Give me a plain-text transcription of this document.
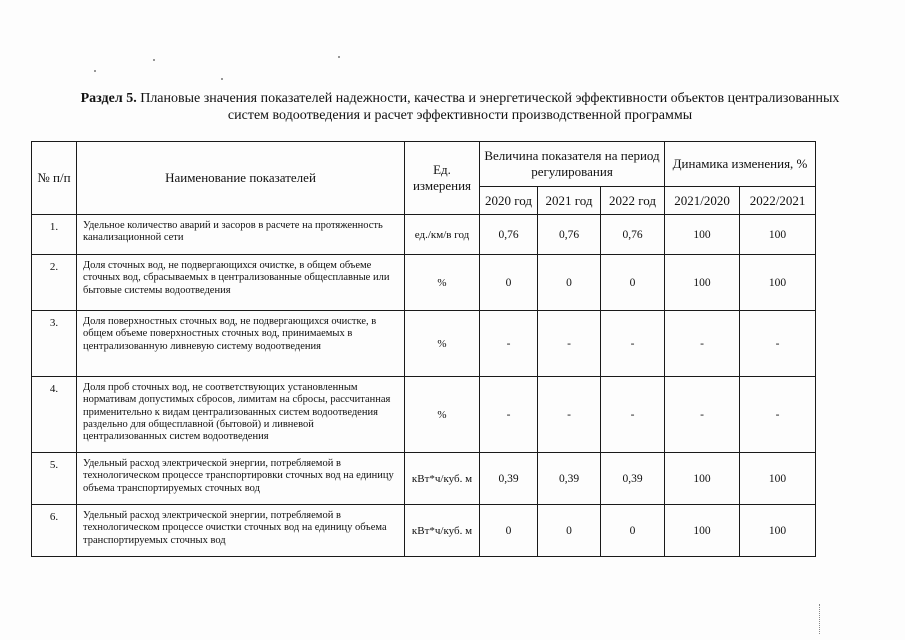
Раздел 5. Плановые значения показателей надежности, качества и энергетической эффективности объектов централизованных систем водоотведения и расчет эффективности производственной программы
№ п/п	Наименование показателей	Ед. измерения	Величина показателя на период регулирования			Динамика изменения, %	
			2020 год	2021 год	2022 год	2021/2020	2022/2021
1.	Удельное количество аварий и засоров в расчете на протяженность канализационной сети	ед./км/в год	0,76	0,76	0,76	100	100
2.	Доля сточных вод, не подвергающихся очистке, в общем объеме сточных вод, сбрасываемых в централизованные общесплавные или бытовые системы водоотведения	%	0	0	0	100	100
3.	Доля поверхностных сточных вод, не подвергающихся очистке, в общем объеме поверхностных сточных вод, принимаемых в централизованную ливневую систему водоотведения	%	-	-	-	-	-
4.	Доля проб сточных вод, не соответствующих установленным нормативам допустимых сбросов, лимитам на сбросы, рассчитанная применительно к видам централизованных систем водоотведения раздельно для общесплавной (бытовой) и ливневой централизованных систем водоотведения	%	-	-	-	-	-
5.	Удельный расход электрической энергии, потребляемой в технологическом процессе транспортировки сточных вод на единицу объема транспортируемых сточных вод	кВт*ч/куб. м	0,39	0,39	0,39	100	100
6.	Удельный расход электрической энергии, потребляемой в технологическом процессе очистки сточных вод на единицу объема транспортируемых сточных вод	кВт*ч/куб. м	0	0	0	100	100
